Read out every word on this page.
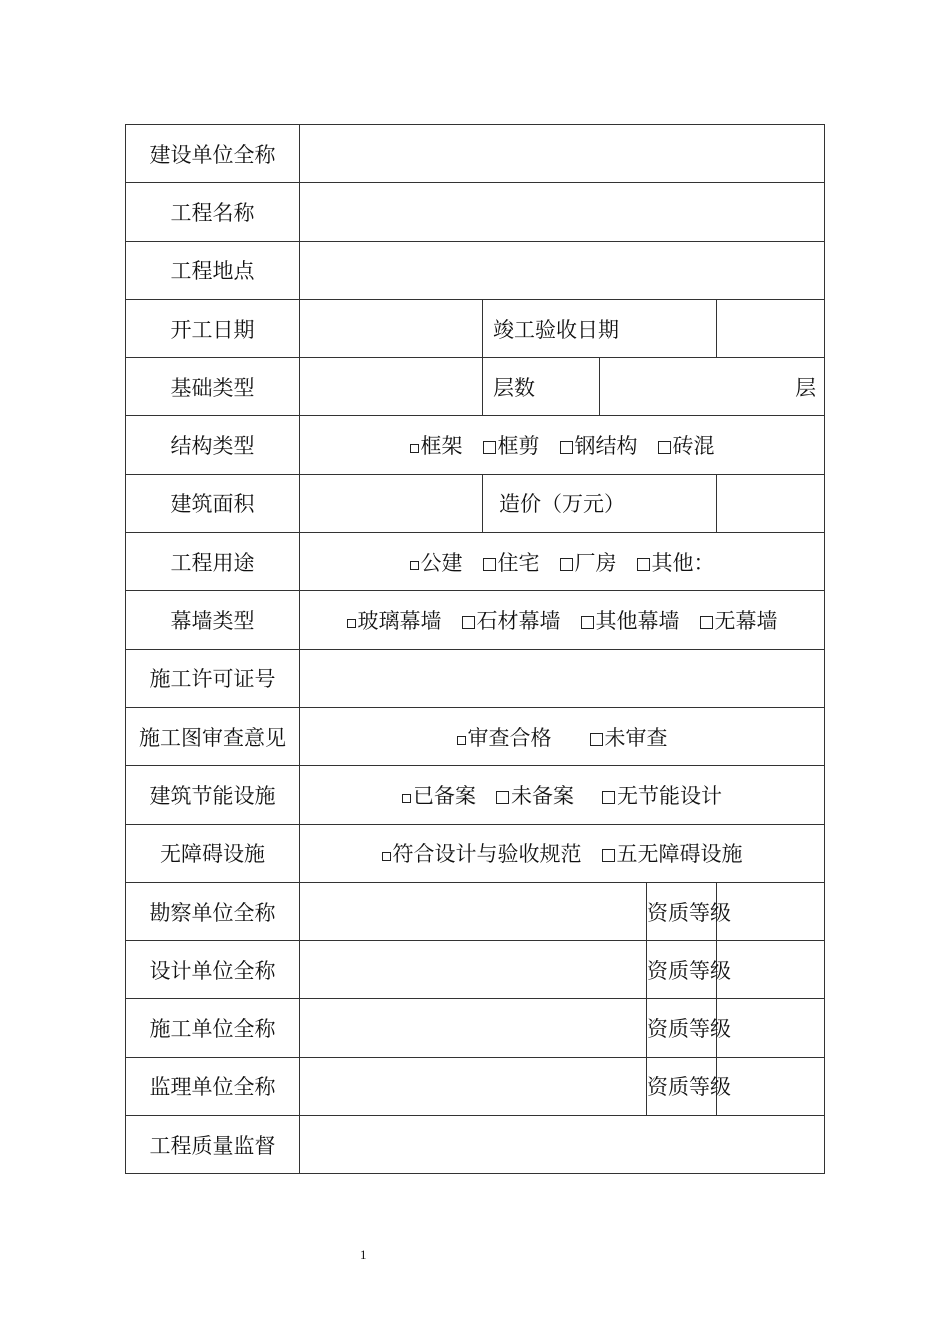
建设单位全称					
工程名称					
工程地点					
开工日期		竣工验收日期			
基础类型		层数	层		
结构类型	框架 框剪 钢结构 砖混				
建筑面积		造价（万元）			
工程用途	公建 住宅 厂房 其他：				
幕墙类型	玻璃幕墙 石材幕墙 其他幕墙 无幕墙				
施工许可证号					
施工图审查意见	审查合格 未审查				
建筑节能设施	已备案 未备案 无节能设计				
无障碍设施	符合设计与验收规范 五无障碍设施				
勘察单位全称				资质等级	
设计单位全称				资质等级	
施工单位全称				资质等级	
监理单位全称				资质等级	
工程质量监督					
1
